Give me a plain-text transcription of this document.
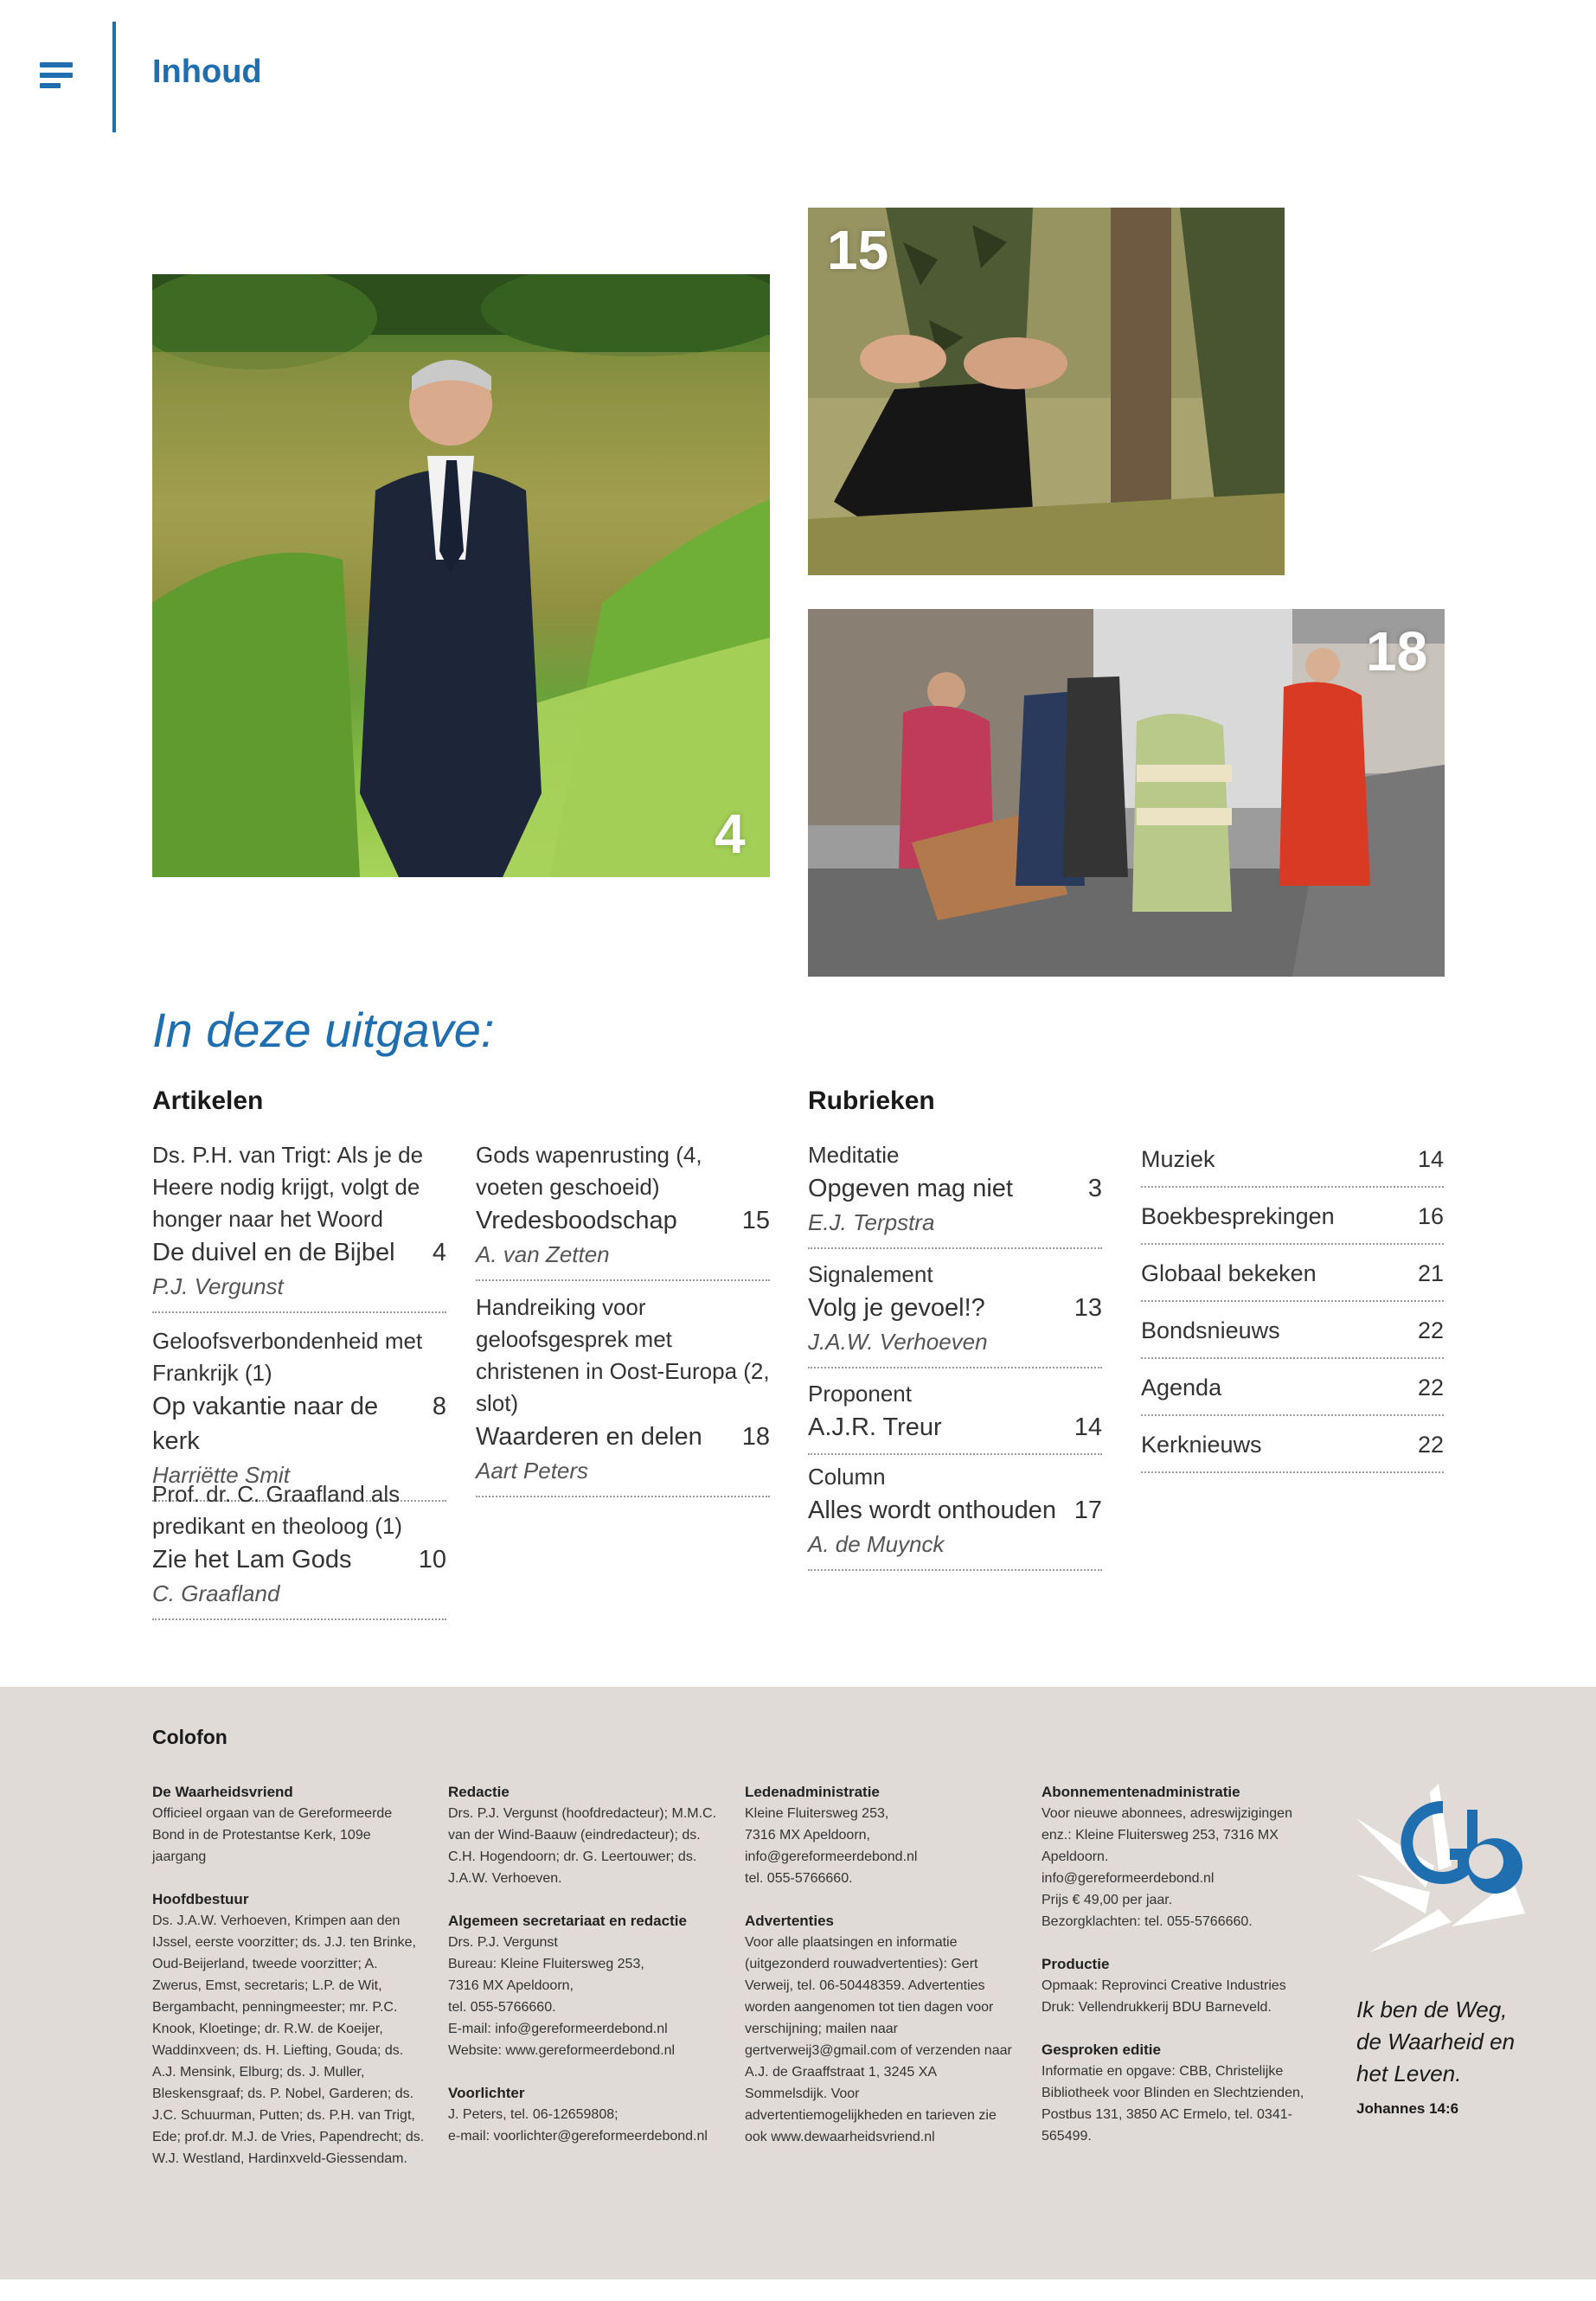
Inhoud
4
15
18
In deze uitgave:
Artikelen	Rubrieken
Ds. P.H. van Trigt: Als je de Heere nodig krijgt, volgt de honger naar het Woord
De duivel en de Bijbel 4
P.J. Vergunst
Geloofsverbondenheid met Frankrijk (1)
Op vakantie naar de kerk
8
Harriëtte Smit
Prof. dr. C. Graafland als predikant en theoloog (1)
Zie het Lam Gods	10
C. Graafland
Gods wapenrusting (4, voeten geschoeid)
Vredesboodschap	15
A. van Zetten
Handreiking voor geloofsgesprek met christenen in Oost-Europa (2, slot)
Waarderen en delen 18
Aart Peters
Meditatie
Opgeven mag niet	3
E.J. Terpstra
Signalement
Volg je gevoel!?	13
J.A.W. Verhoeven
Proponent
A.J.R. Treur	14
Column
Alles wordt onthouden 17
A. de Muynck
Muziek	14
Boekbesprekingen	16
Globaal bekeken	21
Bondsnieuws	22
Agenda	22
Kerknieuws	22
Colofon
De Waarheidsvriend

Officieel orgaan van de Gereformeerde Bond in de Protestantse Kerk, 109e jaargang

Hoofdbestuur

Ds. J.A.W. Verhoeven, Krimpen aan den IJssel, eerste voorzitter; ds. J.J. ten Brinke, Oud-Beijerland, tweede voorzitter; A. Zwerus, Emst, secretaris; L.P. de Wit, Bergambacht, penningmeester; mr. P.C. Knook, Kloetinge; dr. R.W. de Koeijer, Waddinxveen; ds. H. Liefting, Gouda; ds. A.J. Mensink, Elburg; ds. J. Muller, Bleskensgraaf; ds. P. Nobel, Garderen; ds. J.C. Schuurman, Putten; ds. P.H. van Trigt, Ede; prof.dr. M.J. de Vries, Papendrecht; ds. W.J. Westland, Hardinxveld-Giessendam.

Redactie

Drs. P.J. Vergunst (hoofdredacteur); M.M.C. van der Wind-Baauw (eindredacteur); ds. C.H. Hogendoorn; dr. G. Leertouwer; ds. J.A.W. Verhoeven.

Algemeen secretariaat en redactie

Drs. P.J. Vergunst
Bureau: Kleine Fluitersweg 253,
7316 MX Apeldoorn,
tel. 055-5766660.
E-mail: info@gereformeerdebond.nl
Website: www.gereformeerdebond.nl

Voorlichter

J. Peters, tel. 06-12659808;
e-mail: voorlichter@gereformeerdebond.nl

Ledenadministratie

Kleine Fluitersweg 253,
7316 MX Apeldoorn,
info@gereformeerdebond.nl
tel. 055-5766660.

Advertenties

Voor alle plaatsingen en informatie (uitgezonderd rouwadvertenties): Gert Verweij, tel. 06-50448359. Advertenties worden aangenomen tot tien dagen voor verschijning; mailen naar gertverweij3@gmail.com of verzenden naar A.J. de Graaffstraat 1, 3245 XA Sommelsdijk. Voor advertentiemogelijkheden en tarieven zie ook www.dewaarheidsvriend.nl

Abonnementenadministratie

Voor nieuwe abonnees, adreswijzigingen enz.: Kleine Fluitersweg 253, 7316 MX Apeldoorn.
info@gereformeerdebond.nl
Prijs € 49,00 per jaar.
Bezorgklachten: tel. 055-5766660.

Productie

Opmaak: Reprovinci Creative Industries
Druk: Vellendrukkerij BDU Barneveld.

Gesproken editie

Informatie en opgave: CBB, Christelijke Bibliotheek voor Blinden en Slechtzienden, Postbus 131, 3850 AC Ermelo, tel. 0341-565499.

Ik ben de Weg, de Waarheid en het Leven.
Johannes 14:6
